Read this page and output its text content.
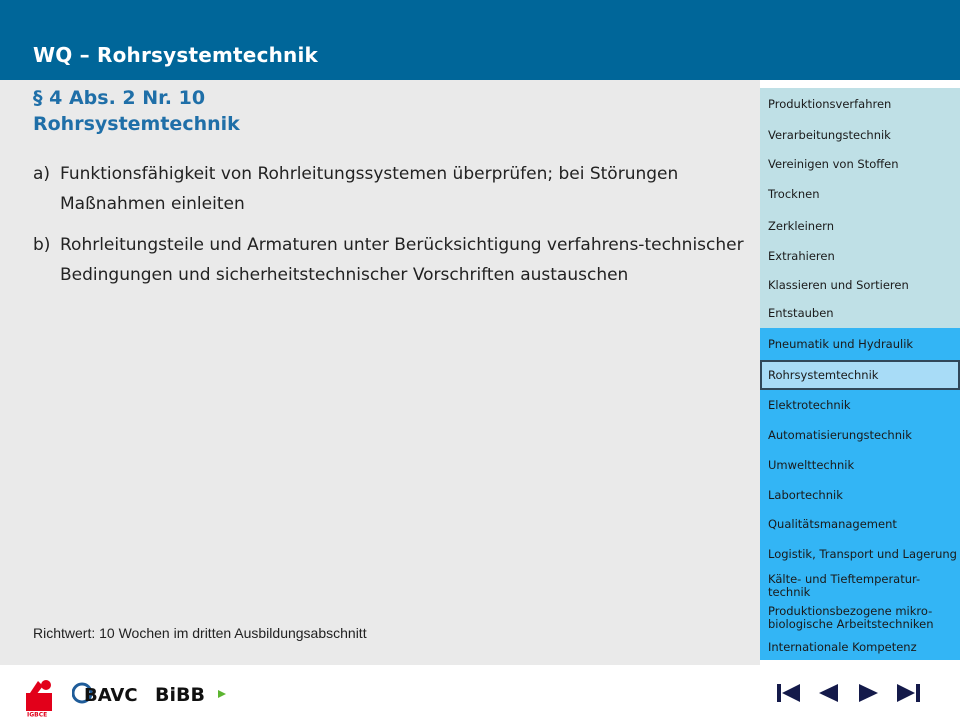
WQ – Rohrsystemtechnik
§ 4 Abs. 2 Nr. 10
Rohrsystemtechnik
a) Funktionsfähigkeit von Rohrleitungssystemen überprüfen; bei Störungen Maßnahmen einleiten
b) Rohrleitungsteile und Armaturen unter Berücksichtigung verfahrens-technischer Bedingungen und sicherheitstechnischer Vorschriften austauschen
Richtwert: 10 Wochen im dritten Ausbildungsabschnitt
Produktionsverfahren
Verarbeitungstechnik
Vereinigen von Stoffen
Trocknen
Zerkleinern
Extrahieren
Klassieren und Sortieren
Entstauben
Pneumatik und Hydraulik
Rohrsystemtechnik
Elektrotechnik
Automatisierungstechnik
Umwelttechnik
Labortechnik
Qualitätsmanagement
Logistik, Transport und Lagerung
Kälte- und Tieftemperatur-technik
Produktionsbezogene mikro-biologische Arbeitstechniken
Internationale Kompetenz
IGBCE
BAVC BiBB
